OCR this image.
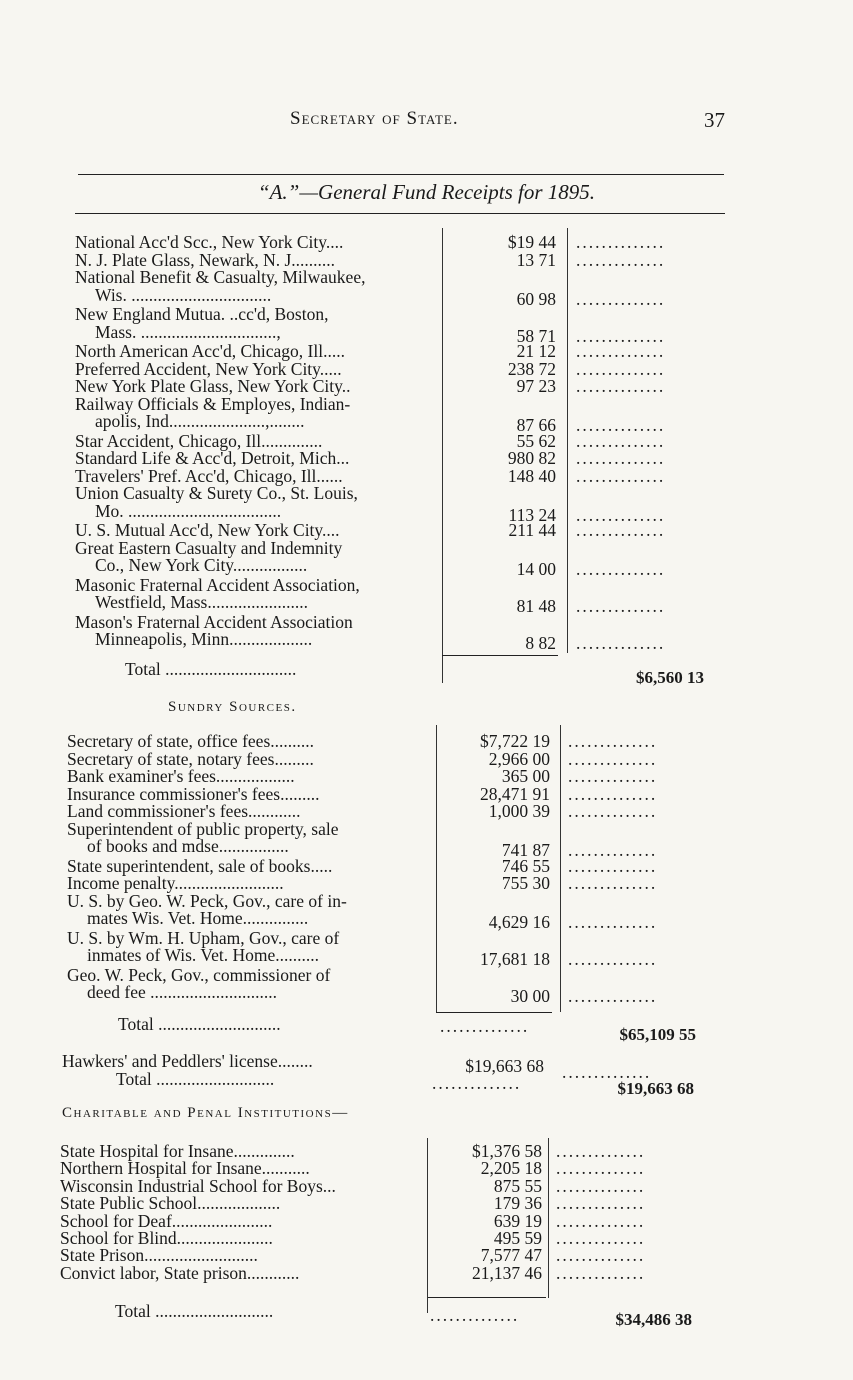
Secretary of State.	37
“A.”—General Fund Receipts for 1895.
National Acc'd Scc., New York City....	$19 44 ..............
N. J. Plate Glass, Newark, N. J..........	13 71 ..............
National Benefit & Casualty, Milwaukee,
Wis. ................................	60 98 ..............
New England Mutua. ..cc'd, Boston,
Mass. ...............................,	58 71 ..............
North American Acc'd, Chicago, Ill.....	21 12 ..............
Preferred Accident, New York City.....	238 72 ..............
New York Plate Glass, New York City..	97 23 ..............
Railway Officials & Employes, Indian-
apolis, Ind......................,........	87 66 ..............
Star Accident, Chicago, Ill..............	55 62 ..............
Standard Life & Acc'd, Detroit, Mich...	980 82 ..............
Travelers' Pref. Acc'd, Chicago, Ill......	148 40 ..............
Union Casualty & Surety Co., St. Louis,
Mo. ...................................	113 24 ..............
U. S. Mutual Acc'd, New York City....	211 44 ..............
Great Eastern Casualty and Indemnity
Co., New York City.................	14 00 ..............
Masonic Fraternal Accident Association,
Westfield, Mass.......................	81 48 ..............
Mason's Fraternal Accident Association
Minneapolis, Minn...................	8 82 ..............
Total ..............................	$6,560 13
Sundry Sources.
Secretary of state, office fees..........	$7,722 19 ..............
Secretary of state, notary fees.........	2,966 00 ..............
Bank examiner's fees..................	365 00 ..............
Insurance commissioner's fees.........	28,471 91 ..............
Land commissioner's fees............	1,000 39 ..............
Superintendent of public property, sale
of books and mdse................	741 87 ..............
State superintendent, sale of books.....	746 55 ..............
Income penalty.........................	755 30 ..............
U. S. by Geo. W. Peck, Gov., care of in-
mates Wis. Vet. Home...............	4,629 16 ..............
U. S. by Wm. H. Upham, Gov., care of
inmates of Wis. Vet. Home..........	17,681 18 ..............
Geo. W. Peck, Gov., commissioner of
deed fee .............................	30 00 ..............
Total ............................	..............	$65,109 55
Hawkers' and Peddlers' license........	$19,663 68 ..............
Total ...........................	..............	$19,663 68
Charitable and Penal Institutions—
State Hospital for Insane..............	$1,376 58 ..............
Northern Hospital for Insane...........	2,205 18 ..............
Wisconsin Industrial School for Boys...	875 55 ..............
State Public School...................	179 36 ..............
School for Deaf.......................	639 19 ..............
School for Blind......................	495 59 ..............
State Prison..........................	7,577 47 ..............
Convict labor, State prison............	21,137 46 ..............
Total ...........................	..............	$34,486 38
